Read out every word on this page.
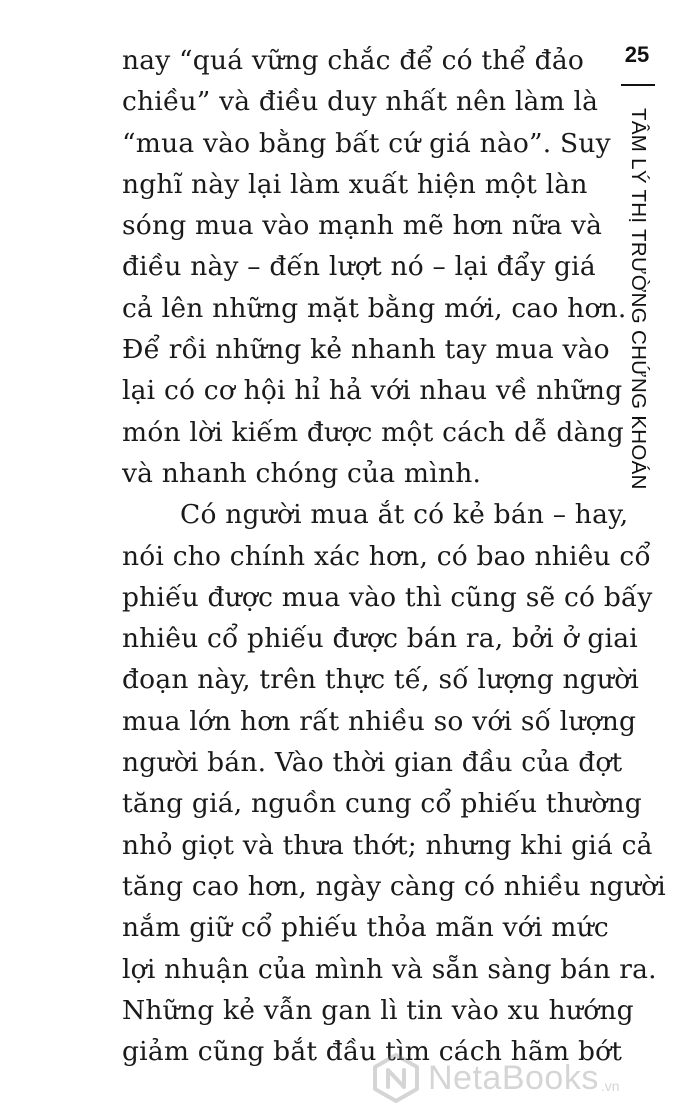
nay “quá vững chắc để có thể đảo
chiều” và điều duy nhất nên làm là
“mua vào bằng bất cứ giá nào”. Suy
nghĩ này lại làm xuất hiện một làn
sóng mua vào mạnh mẽ hơn nữa và
điều này – đến lượt nó – lại đẩy giá
cả lên những mặt bằng mới, cao hơn.
Để rồi những kẻ nhanh tay mua vào
lại có cơ hội hỉ hả với nhau về những
món lời kiếm được một cách dễ dàng
và nhanh chóng của mình.
Có người mua ắt có kẻ bán – hay,
nói cho chính xác hơn, có bao nhiêu cổ
phiếu được mua vào thì cũng sẽ có bấy
nhiêu cổ phiếu được bán ra, bởi ở giai
đoạn này, trên thực tế, số lượng người
mua lớn hơn rất nhiều so với số lượng
người bán. Vào thời gian đầu của đợt
tăng giá, nguồn cung cổ phiếu thường
nhỏ giọt và thưa thớt; nhưng khi giá cả
tăng cao hơn, ngày càng có nhiều người
nắm giữ cổ phiếu thỏa mãn với mức
lợi nhuận của mình và sẵn sàng bán ra.
Những kẻ vẫn gan lì tin vào xu hướng
giảm cũng bắt đầu tìm cách hãm bớt
25
TÂM LÝ THỊ TRƯỜNG CHỨNG KHOÁN
NetaBooks .vn
